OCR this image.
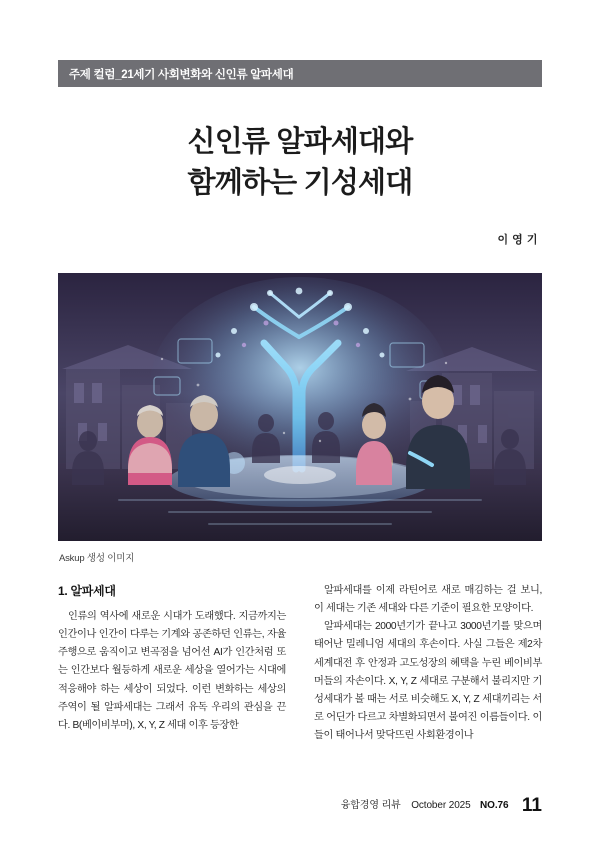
주제 컬럼_21세기 사회변화와 신인류 알파세대
신인류 알파세대와
함께하는 기성세대
이 영 기
Askup 생성 이미지
1. 알파세대

인류의 역사에 새로운 시대가 도래했다. 지금까지는 인간이나 인간이 다루는 기계와 공존하던 인류는, 자율주행으로 움직이고 변곡점을 넘어선 AI가 인간처럼 또는 인간보다 월등하게 새로운 세상을 열어가는 시대에 적응해야 하는 세상이 되었다. 이런 변화하는 세상의 주역이 될 알파세대는 그래서 유독 우리의 관심을 끈다. B(베이비부머), X, Y, Z 세대 이후 등장한

알파세대를 이제 라틴어로 새로 매김하는 걸 보니, 이 세대는 기존 세대와 다른 기준이 필요한 모양이다.

알파세대는 2000년기가 끝나고 3000년기를 맞으며 태어난 밀레니엄 세대의 후손이다. 사실 그들은 제2차 세계대전 후 안정과 고도성장의 혜택을 누린 베이비부머들의 자손이다. X, Y, Z 세대로 구분해서 불리지만 기성세대가 볼 때는 서로 비슷해도 X, Y, Z 세대끼리는 서로 어딘가 다르고 차별화되면서 불여진 이름들이다. 이들이 태어나서 맞닥뜨린 사회환경이나

융합경영 리뷰 October 2025 NO.76 11
